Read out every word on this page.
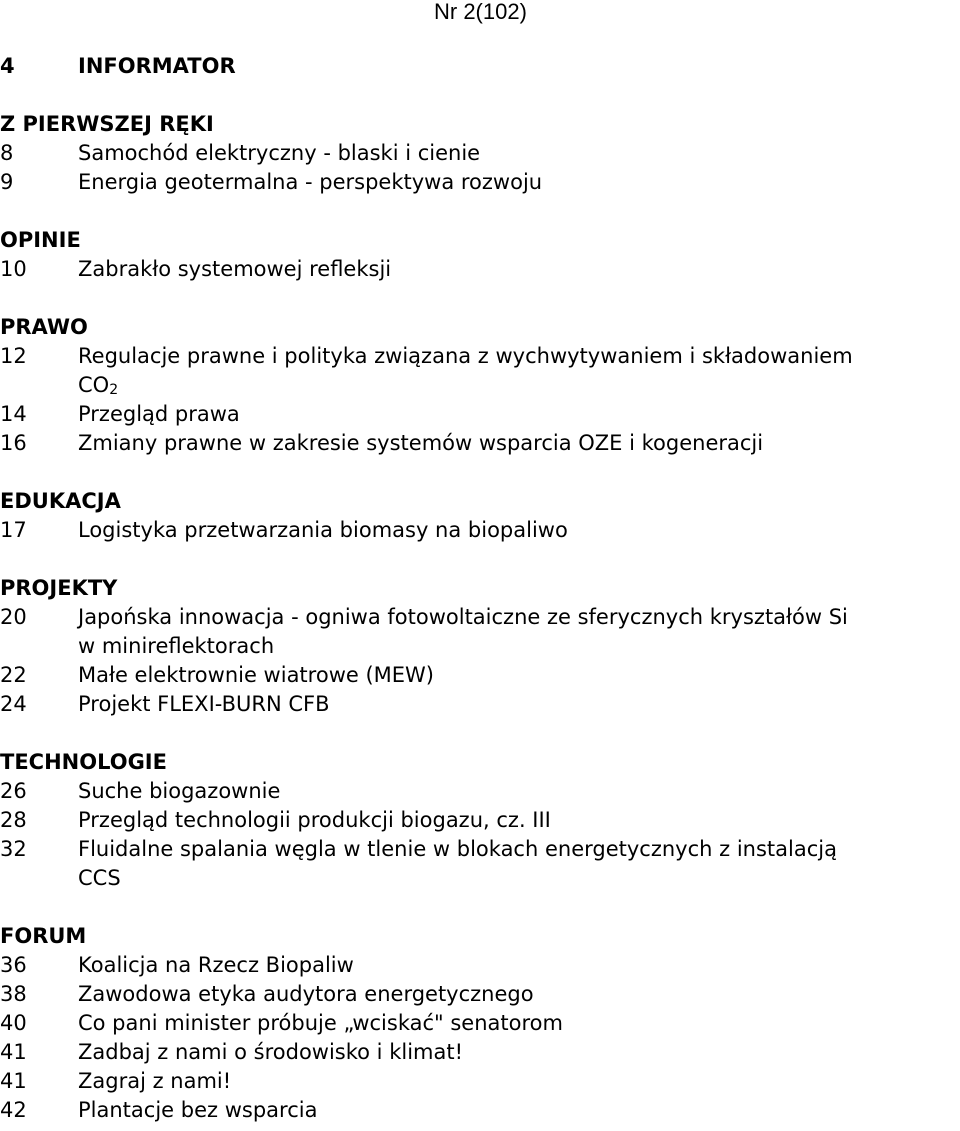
Nr 2(102)
4	INFORMATOR
Z PIERWSZEJ RĘKI
8	Samochód elektryczny - blaski i cienie
9	Energia geotermalna - perspektywa rozwoju
OPINIE
10 Zabrakło systemowej refleksji
PRAWO
12 Regulacje prawne i polityka związana z wychwytywaniem i składowaniem
$CO_2$
14 Przegląd prawa
16 Zmiany prawne w zakresie systemów wsparcia OZE i kogeneracji
EDUKACJA
17 Logistyka przetwarzania biomasy na biopaliwo
PROJEKTY
20 Japońska innowacja - ogniwa fotowoltaiczne ze sferycznych kryształów Si
w minireflektorach
22 Małe elektrownie wiatrowe (MEW)
24 Projekt FLEXI-BURN CFB
TECHNOLOGIE
26 Suche biogazownie
28 Przegląd technologii produkcji biogazu, cz. III
32 Fluidalne spalania węgla w tlenie w blokach energetycznych z instalacją
CCS
FORUM
36 Koalicja na Rzecz Biopaliw
38 Zawodowa etyka audytora energetycznego
40 Co pani minister próbuje „wciskać" senatorom
41 Zadbaj z nami o środowisko i klimat!
41 Zagraj z nami!
42 Plantacje bez wsparcia
